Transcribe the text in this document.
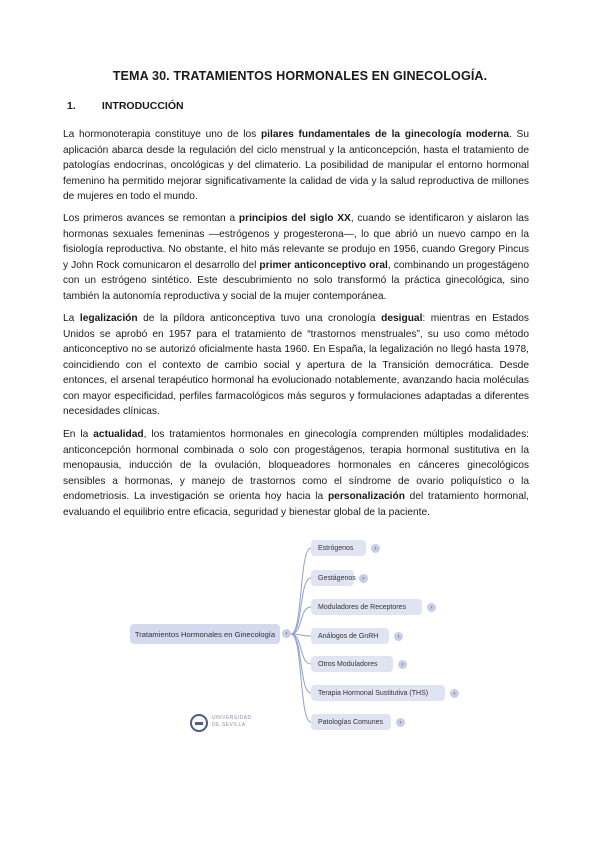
TEMA 30. TRATAMIENTOS HORMONALES EN GINECOLOGÍA.
1. INTRODUCCIÓN

La hormonoterapia constituye uno de los pilares fundamentales de la ginecología moderna. Su aplicación abarca desde la regulación del ciclo menstrual y la anticoncepción, hasta el tratamiento de patologías endocrinas, oncológicas y del climaterio. La posibilidad de manipular el entorno hormonal femenino ha permitido mejorar significativamente la calidad de vida y la salud reproductiva de millones de mujeres en todo el mundo.

Los primeros avances se remontan a principios del siglo XX, cuando se identificaron y aislaron las hormonas sexuales femeninas —estrógenos y progesterona—, lo que abrió un nuevo campo en la fisiología reproductiva. No obstante, el hito más relevante se produjo en 1956, cuando Gregory Pincus y John Rock comunicaron el desarrollo del primer anticonceptivo oral, combinando un progestágeno con un estrógeno sintético. Este descubrimiento no solo transformó la práctica ginecológica, sino también la autonomía reproductiva y social de la mujer contemporánea.

La legalización de la píldora anticonceptiva tuvo una cronología desigual: mientras en Estados Unidos se aprobó en 1957 para el tratamiento de “trastornos menstruales”, su uso como método anticonceptivo no se autorizó oficialmente hasta 1960. En España, la legalización no llegó hasta 1978, coincidiendo con el contexto de cambio social y apertura de la Transición democrática. Desde entonces, el arsenal terapéutico hormonal ha evolucionado notablemente, avanzando hacia moléculas con mayor especificidad, perfiles farmacológicos más seguros y formulaciones adaptadas a diferentes necesidades clínicas.

En la actualidad, los tratamientos hormonales en ginecología comprenden múltiples modalidades: anticoncepción hormonal combinada o solo con progestágenos, terapia hormonal sustitutiva en la menopausia, inducción de la ovulación, bloqueadores hormonales en cánceres ginecológicos sensibles a hormonas, y manejo de trastornos como el síndrome de ovario poliquístico o la endometriosis. La investigación se orienta hoy hacia la personalización del tratamiento hormonal, evaluando el equilibrio entre eficacia, seguridad y bienestar global de la paciente.

Tratamientos Hormonales en Ginecología	‹
Estrógenos	›
Gestágenos	›
Moduladores de Receptores	›
Análogos de GnRH	›
Otros Moduladores	›
Terapia Hormonal Sustitutiva (THS)	›
Patologías Comunes	›
UNIVERSIDAD
DE SEVILLA
